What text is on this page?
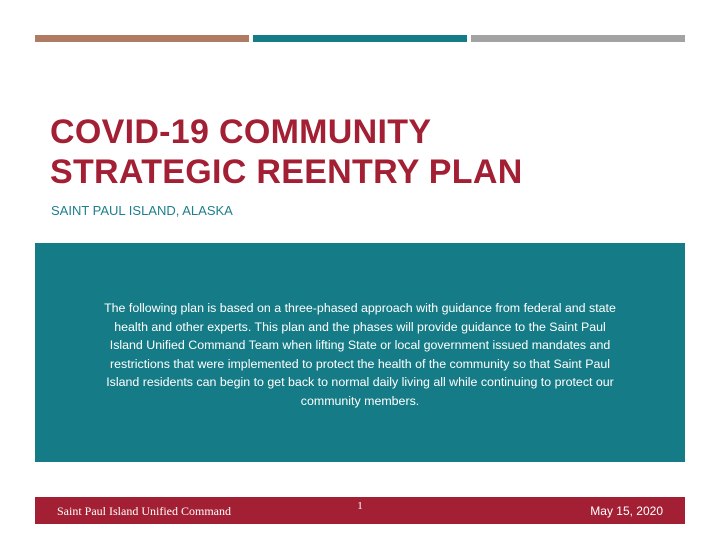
COVID-19 COMMUNITY
STRATEGIC REENTRY PLAN

SAINT PAUL ISLAND, ALASKA

The following plan is based on a three-phased approach with guidance from federal and state
health and other experts. This plan and the phases will provide guidance to the Saint Paul
Island Unified Command Team when lifting State or local government issued mandates and
restrictions that were implemented to protect the health of the community so that Saint Paul
Island residents can begin to get back to normal daily living all while continuing to protect our
community members.

Saint Paul Island Unified Command	1	May 15, 2020
